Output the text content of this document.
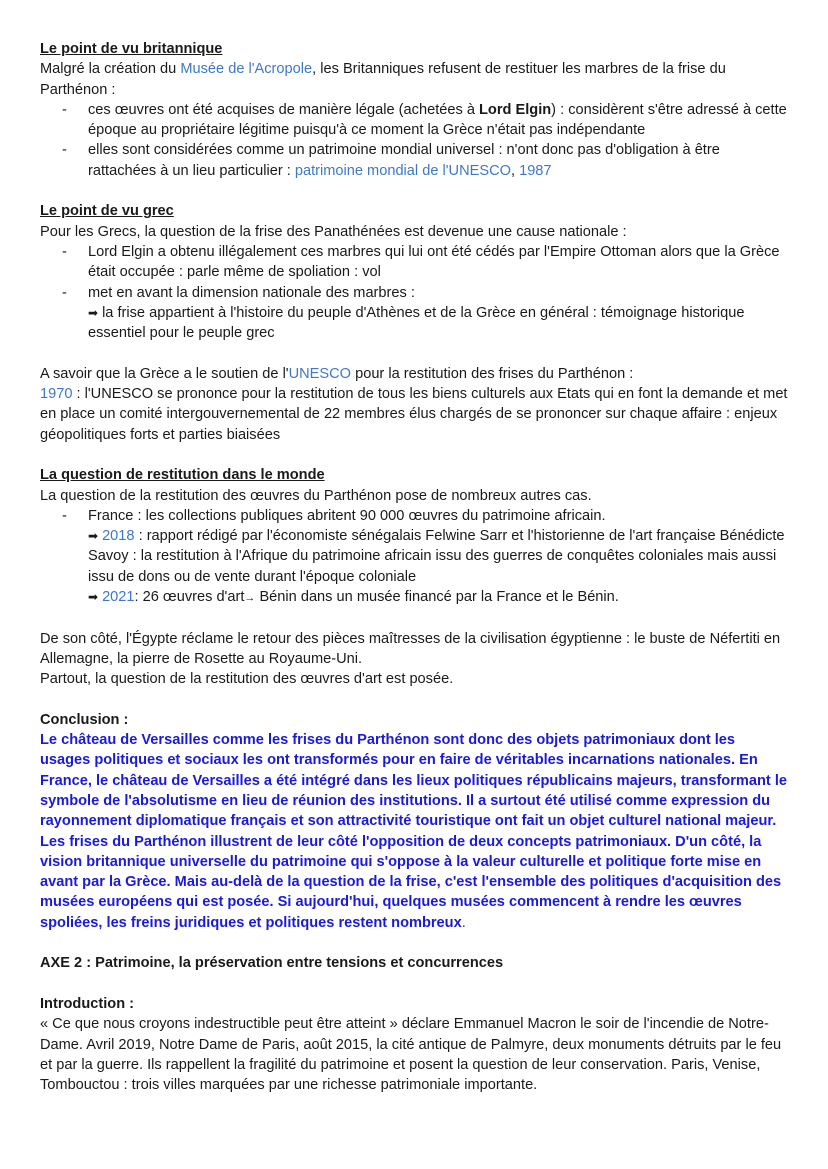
Le point de vu britannique
Malgré la création du Musée de l'Acropole, les Britanniques refusent de restituer les marbres de la frise du Parthénon :
- ces œuvres ont été acquises de manière légale (achetées à Lord Elgin) : considèrent s'être adressé à cette époque au propriétaire légitime puisqu'à ce moment la Grèce n'était pas indépendante
- elles sont considérées comme un patrimoine mondial universel : n'ont donc pas d'obligation à être rattachées à un lieu particulier : patrimoine mondial de l'UNESCO, 1987
Le point de vu grec
Pour les Grecs, la question de la frise des Panathénées est devenue une cause nationale :
- Lord Elgin a obtenu illégalement ces marbres qui lui ont été cédés par l'Empire Ottoman alors que la Grèce était occupée : parle même de spoliation : vol
- met en avant la dimension nationale des marbres :
➡ la frise appartient à l'histoire du peuple d'Athènes et de la Grèce en général : témoignage historique essentiel pour le peuple grec
A savoir que la Grèce a le soutien de l'UNESCO pour la restitution des frises du Parthénon :
1970 : l'UNESCO se prononce pour la restitution de tous les biens culturels aux Etats qui en font la demande et met en place un comité intergouvernemental de 22 membres élus chargés de se prononcer sur chaque affaire : enjeux géopolitiques forts et parties biaisées
La question de restitution dans le monde
La question de la restitution des œuvres du Parthénon pose de nombreux autres cas.
- France : les collections publiques abritent 90 000 œuvres du patrimoine africain.
➡ 2018 : rapport rédigé par l'économiste sénégalais Felwine Sarr et l'historienne de l'art française Bénédicte Savoy : la restitution à l'Afrique du patrimoine africain issu des guerres de conquêtes coloniales mais aussi issu de dons ou de vente durant l'époque coloniale
➡ 2021: 26 œuvres d'art→ Bénin dans un musée financé par la France et le Bénin.
De son côté, l'Égypte réclame le retour des pièces maîtresses de la civilisation égyptienne : le buste de Néfertiti en Allemagne, la pierre de Rosette au Royaume-Uni.
Partout, la question de la restitution des œuvres d'art est posée.
Conclusion :
Le château de Versailles comme les frises du Parthénon sont donc des objets patrimoniaux dont les usages politiques et sociaux les ont transformés pour en faire de véritables incarnations nationales. En France, le château de Versailles a été intégré dans les lieux politiques républicains majeurs, transformant le symbole de l'absolutisme en lieu de réunion des institutions. Il a surtout été utilisé comme expression du rayonnement diplomatique français et son attractivité touristique ont fait un objet culturel national majeur. Les frises du Parthénon illustrent de leur côté l'opposition de deux concepts patrimoniaux. D'un côté, la vision britannique universelle du patrimoine qui s'oppose à la valeur culturelle et politique forte mise en avant par la Grèce. Mais au-delà de la question de la frise, c'est l'ensemble des politiques d'acquisition des musées européens qui est posée. Si aujourd'hui, quelques musées commencent à rendre les œuvres spoliées, les freins juridiques et politiques restent nombreux.
AXE 2 : Patrimoine, la préservation entre tensions et concurrences
Introduction :
« Ce que nous croyons indestructible peut être atteint » déclare Emmanuel Macron le soir de l'incendie de Notre-Dame. Avril 2019, Notre Dame de Paris, août 2015, la cité antique de Palmyre, deux monuments détruits par le feu et par la guerre. Ils rappellent la fragilité du patrimoine et posent la question de leur conservation. Paris, Venise, Tombouctou : trois villes marquées par une richesse patrimoniale importante.
